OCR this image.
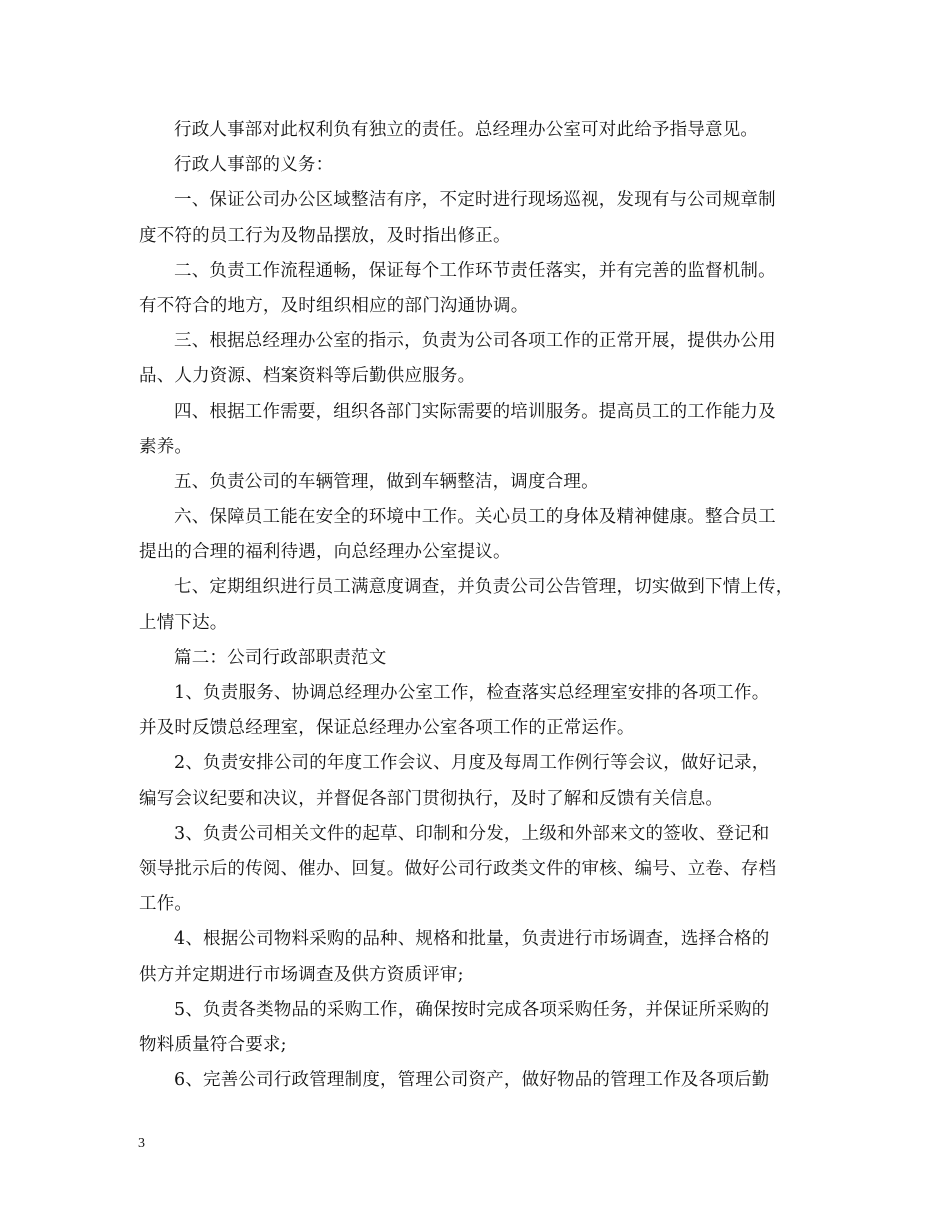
行政人事部对此权利负有独立的责任。总经理办公室可对此给予指导意见。
行政人事部的义务：
一、保证公司办公区域整洁有序，不定时进行现场巡视，发现有与公司规章制
度不符的员工行为及物品摆放，及时指出修正。
二、负责工作流程通畅，保证每个工作环节责任落实，并有完善的监督机制。
有不符合的地方，及时组织相应的部门沟通协调。
三、根据总经理办公室的指示，负责为公司各项工作的正常开展，提供办公用
品、人力资源、档案资料等后勤供应服务。
四、根据工作需要，组织各部门实际需要的培训服务。提高员工的工作能力及
素养。
五、负责公司的车辆管理，做到车辆整洁，调度合理。
六、保障员工能在安全的环境中工作。关心员工的身体及精神健康。整合员工
提出的合理的福利待遇，向总经理办公室提议。
七、定期组织进行员工满意度调查，并负责公司公告管理，切实做到下情上传，
上情下达。
篇二：公司行政部职责范文
1、负责服务、协调总经理办公室工作，检查落实总经理室安排的各项工作。
并及时反馈总经理室，保证总经理办公室各项工作的正常运作。
2、负责安排公司的年度工作会议、月度及每周工作例行等会议，做好记录，
编写会议纪要和决议，并督促各部门贯彻执行，及时了解和反馈有关信息。
3、负责公司相关文件的起草、印制和分发，上级和外部来文的签收、登记和
领导批示后的传阅、催办、回复。做好公司行政类文件的审核、编号、立卷、存档
工作。
4、根据公司物料采购的品种、规格和批量，负责进行市场调查，选择合格的
供方并定期进行市场调查及供方资质评审;
5、负责各类物品的采购工作，确保按时完成各项采购任务，并保证所采购的
物料质量符合要求;
6、完善公司行政管理制度，管理公司资产，做好物品的管理工作及各项后勤
3
